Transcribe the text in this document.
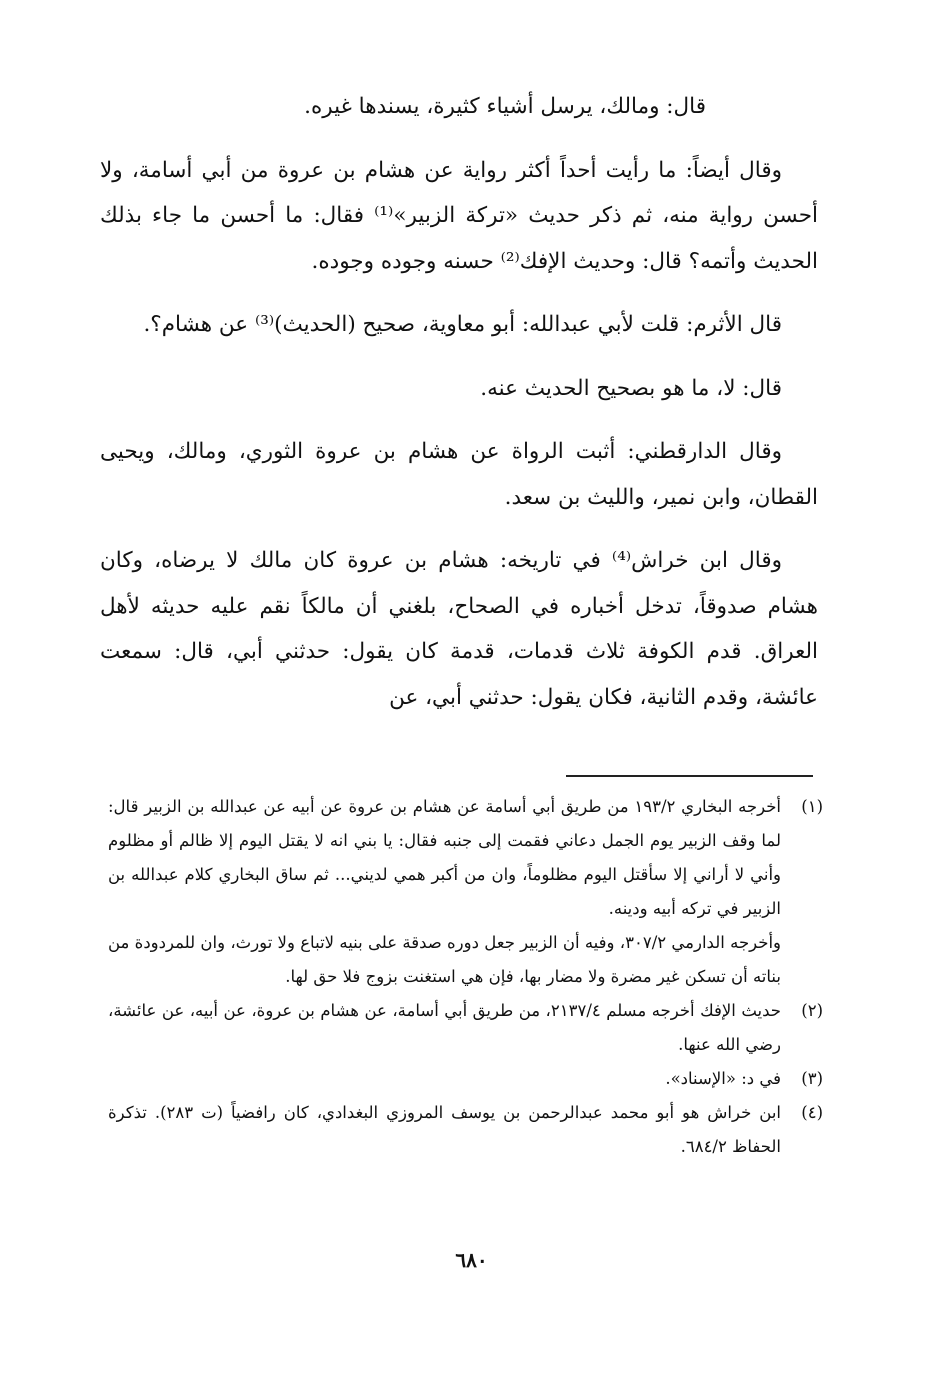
قال: ومالك، يرسل أشياء كثيرة، يسندها غيره.

وقال أيضاً: ما رأيت أحداً أكثر رواية عن هشام بن عروة من أبي أسامة، ولا أحسن رواية منه، ثم ذكر حديث «تركة الزبير»⁽¹⁾ فقال: ما أحسن ما جاء بذلك الحديث وأتمه؟ قال: وحديث الإفك⁽²⁾ حسنه وجوده وجوده.

قال الأثرم: قلت لأبي عبدالله: أبو معاوية، صحيح (الحديث)⁽³⁾ عن هشام؟.

قال: لا، ما هو بصحيح الحديث عنه.

وقال الدارقطني: أثبت الرواة عن هشام بن عروة الثوري، ومالك، ويحيى القطان، وابن نمير، والليث بن سعد.

وقال ابن خراش⁽⁴⁾ في تاريخه: هشام بن عروة كان مالك لا يرضاه، وكان هشام صدوقاً، تدخل أخباره في الصحاح، بلغني أن مالكاً نقم عليه حديثه لأهل العراق. قدم الكوفة ثلاث قدمات، قدمة كان يقول: حدثني أبي، قال: سمعت عائشة، وقدم الثانية، فكان يقول: حدثني أبي، عن

(١)

أخرجه البخاري ١٩٣/٢ من طريق أبي أسامة عن هشام بن عروة عن أبيه عن عبدالله بن الزبير قال: لما وقف الزبير يوم الجمل دعاني فقمت إلى جنبه فقال: يا بني انه لا يقتل اليوم إلا ظالم أو مظلوم وأني لا أراني إلا سأقتل اليوم مظلوماً، وان من أكبر همي لديني... ثم ساق البخاري كلام عبدالله بن الزبير في تركه أبيه ودينه.

وأخرجه الدارمي ٣٠٧/٢، وفيه أن الزبير جعل دوره صدقة على بنيه لاتباع ولا تورث، وان للمردودة من بناته أن تسكن غير مضرة ولا مضار بها، فإن هي استغنت بزوج فلا حق لها.

(٢)

حديث الإفك أخرجه مسلم ٢١٣٧/٤، من طريق أبي أسامة، عن هشام بن عروة، عن أبيه، عن عائشة، رضي الله عنها.

(٣)

في د: «الإسناد».

(٤)

ابن خراش هو أبو محمد عبدالرحمن بن يوسف المروزي البغدادي، كان رافضياً (ت ٢٨٣). تذكرة الحفاظ ٦٨٤/٢.

٦٨٠
